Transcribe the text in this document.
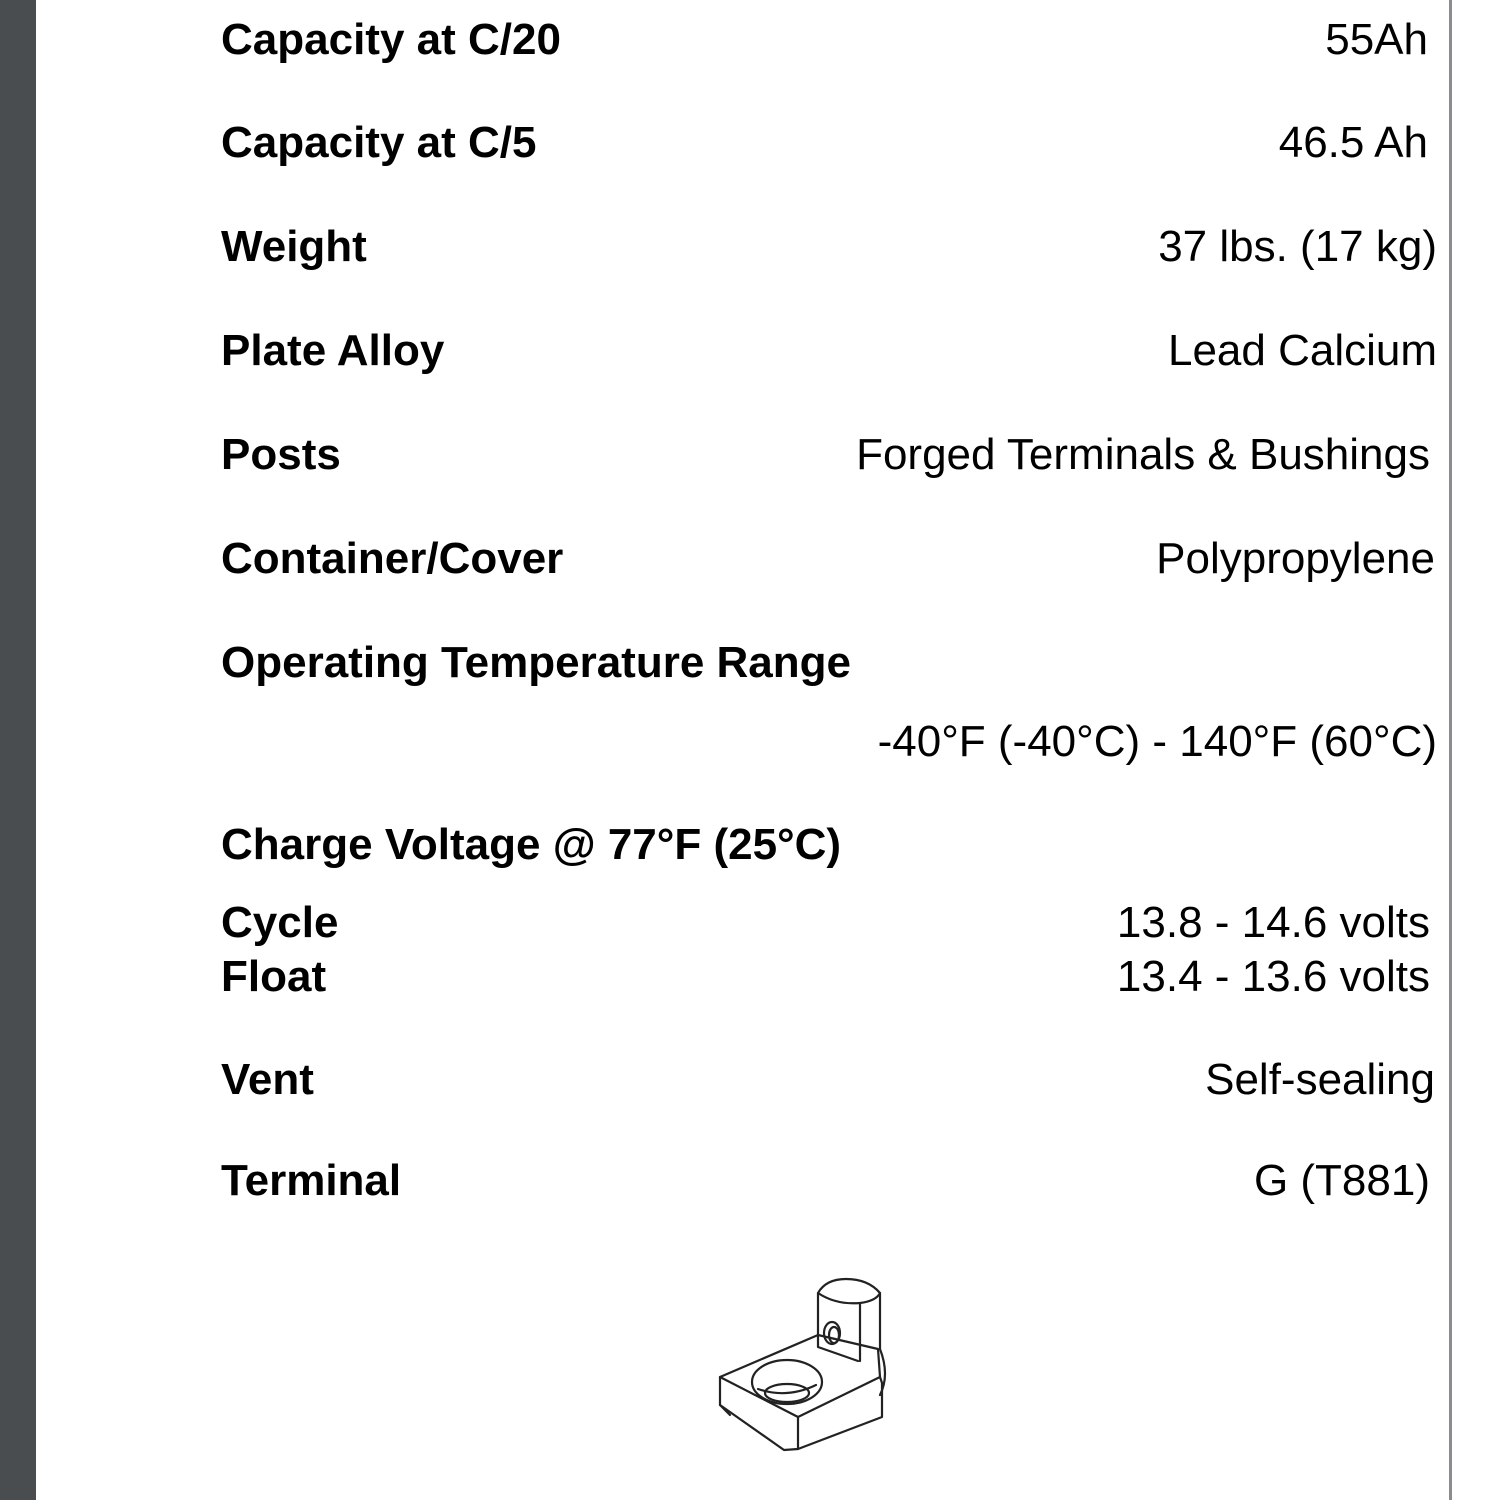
Capacity at C/20	55Ah
Capacity at C/5	46.5 Ah
Weight	37 lbs. (17 kg)
Plate Alloy	Lead Calcium
Posts	Forged Terminals & Bushings
Container/Cover	Polypropylene
Operating Temperature Range
-40°F (-40°C) - 140°F (60°C)
Charge Voltage @ 77°F (25°C)
Cycle	13.8 - 14.6 volts
Float	13.4 - 13.6 volts
Vent	Self-sealing
Terminal	G (T881)
